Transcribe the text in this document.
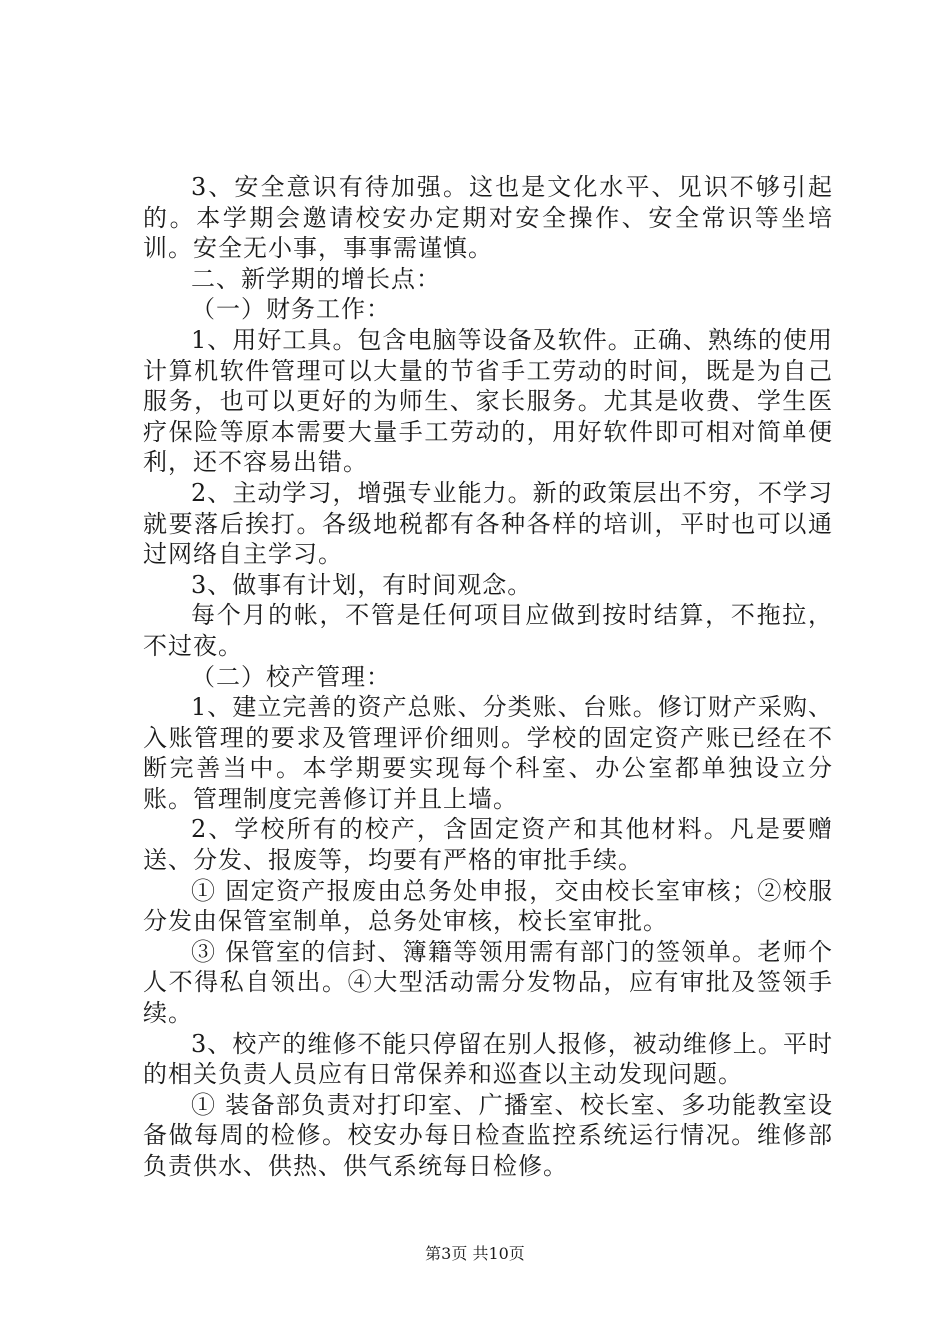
3、安全意识有待加强。这也是文化水平、见识不够引起的。本学期会邀请校安办定期对安全操作、安全常识等坐培训。安全无小事，事事需谨慎。

二、新学期的增长点：

（一）财务工作：

1、用好工具。包含电脑等设备及软件。正确、熟练的使用计算机软件管理可以大量的节省手工劳动的时间，既是为自己服务，也可以更好的为师生、家长服务。尤其是收费、学生医疗保险等原本需要大量手工劳动的，用好软件即可相对简单便利，还不容易出错。

2、主动学习，增强专业能力。新的政策层出不穷，不学习就要落后挨打。各级地税都有各种各样的培训，平时也可以通过网络自主学习。

3、做事有计划，有时间观念。

每个月的帐，不管是任何项目应做到按时结算，不拖拉，不过夜。

（二）校产管理：

1、建立完善的资产总账、分类账、台账。修订财产采购、入账管理的要求及管理评价细则。学校的固定资产账已经在不断完善当中。本学期要实现每个科室、办公室都单独设立分账。管理制度完善修订并且上墙。

2、学校所有的校产，含固定资产和其他材料。凡是要赠送、分发、报废等，均要有严格的审批手续。

① 固定资产报废由总务处申报，交由校长室审核；②校服分发由保管室制单，总务处审核，校长室审批。

③ 保管室的信封、簿籍等领用需有部门的签领单。老师个人不得私自领出。④大型活动需分发物品，应有审批及签领手续。

3、校产的维修不能只停留在别人报修，被动维修上。平时的相关负责人员应有日常保养和巡查以主动发现问题。

① 装备部负责对打印室、广播室、校长室、多功能教室设备做每周的检修。校安办每日检查监控系统运行情况。维修部负责供水、供热、供气系统每日检修。

第3页 共10页
